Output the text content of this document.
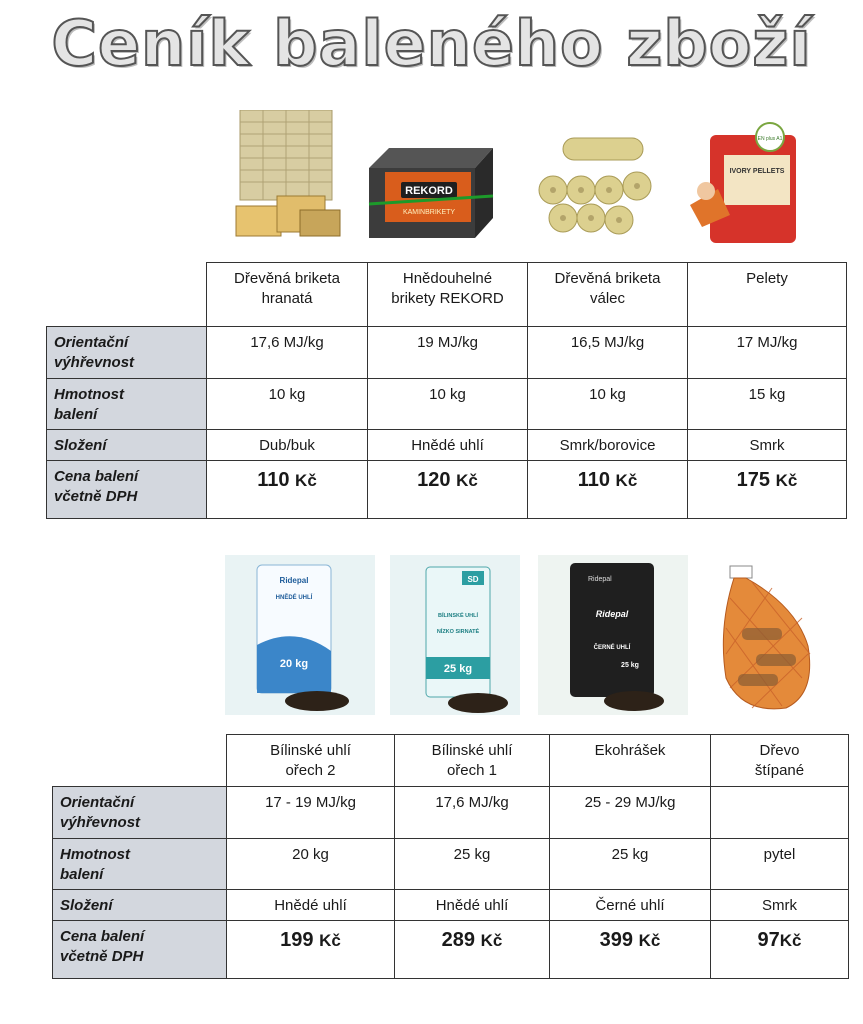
Ceník baleného zboží
REKORD
KAMINBRIKETY
IVORY PELLETS
EN plus A1
	Dřevěná briketa
hranatá	Hnědouhelné
brikety REKORD	Dřevěná briketa
válec	Pelety

Orientační
výhřevnost	17,6 MJ/kg	19 MJ/kg	16,5 MJ/kg	17 MJ/kg
Hmotnost
balení	10 kg	10 kg	10 kg	15 kg
Složení	Dub/buk	Hnědé uhlí	Smrk/borovice	Smrk
Cena balení
včetně DPH	110 Kč	120 Kč	110 Kč	175 Kč
Ridepal
HNĚDÉ UHLÍ
20 kg
SD
BÍLINSKÉ UHLÍ
NÍZKO SIRNATÉ
25 kg
Ridepal
Ridepal
ČERNÉ UHLÍ
25 kg
	Bílinské uhlí
ořech 2	Bílinské uhlí
ořech 1	Ekohrášek	Dřevo
štípané
Orientační
výhřevnost	17 - 19 MJ/kg	17,6 MJ/kg	25 - 29 MJ/kg	
Hmotnost
balení	20 kg	25 kg	25 kg	pytel
Složení	Hnědé uhlí	Hnědé uhlí	Černé uhlí	Smrk
Cena balení
včetně DPH	199 Kč	289 Kč	399 Kč	97Kč
